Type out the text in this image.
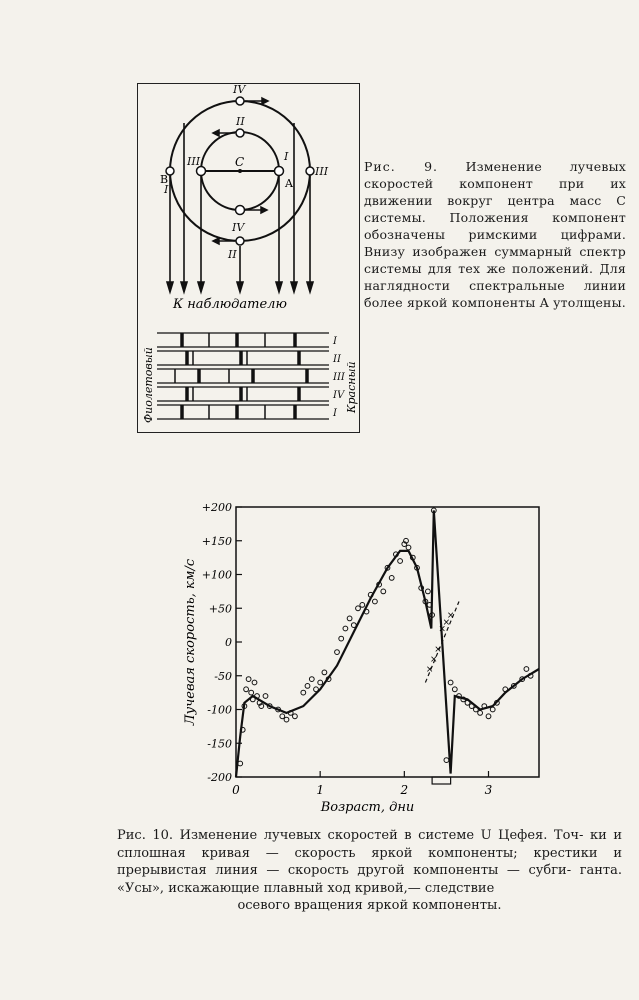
IV
II
III	I
I
III
IV
II
C
A
B
К наблюдателю
I
II
III
IV
I
Фиолетовый	Красный
Рис. 9. Изменение лучевых скоростей компонент при их движении вокруг центра масс C системы. Положения компонент обозначены римскими цифрами. Внизу изображен суммарный спектр системы для тех же положений. Для наглядности спектральные линии более яркой компоненты A утолщены.
+200
+150
+100
+50
0
-50
-100
-150
-200
0	1	2	3
×
×
×
×
×
×
Лучевая скорость, км/с
Возраст, дни
Рис. 10. Изменение лучевых скоростей в системе U Цефея. Точ- ки и сплошная кривая — скорость яркой компоненты; крестики и прерывистая линия — скорость другой компоненты — субги- ганта. «Усы», искажающие плавный ход кривой,— следствие
осевого вращения яркой компоненты.
